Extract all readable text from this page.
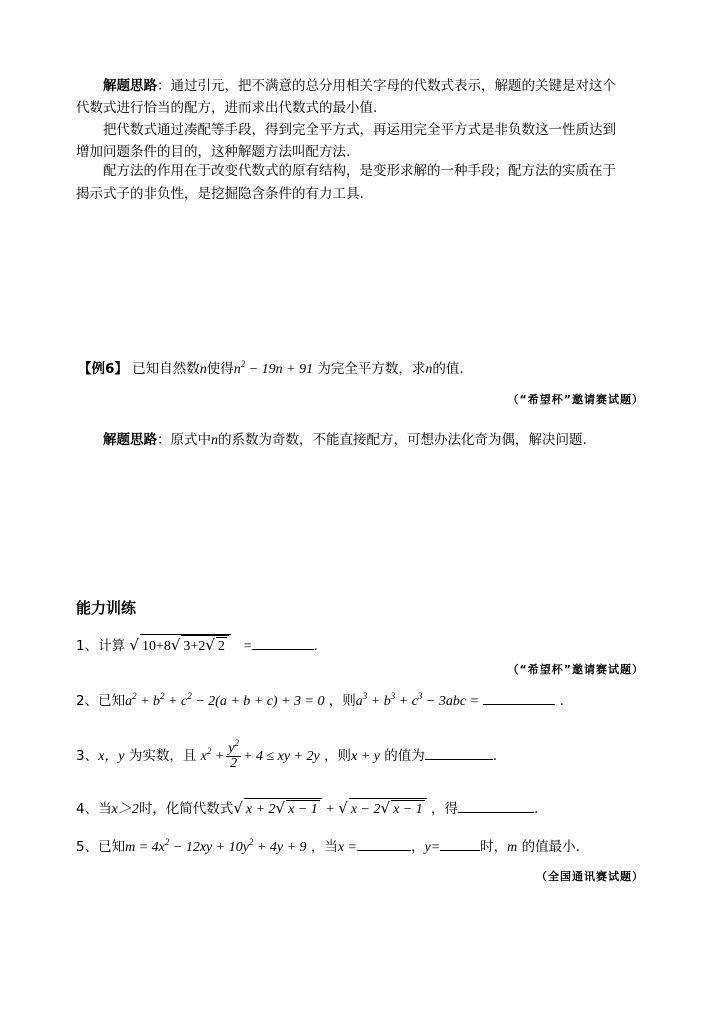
解题思路：通过引元，把不满意的总分用相关字母的代数式表示，解题的关键是对这个
代数式进行恰当的配方，进而求出代数式的最小值.
把代数式通过凑配等手段，得到完全平方式，再运用完全平方式是非负数这一性质达到
增加问题条件的目的，这种解题方法叫配方法.
配方法的作用在于改变代数式的原有结构，是变形求解的一种手段；配方法的实质在于
揭示式子的非负性，是挖掘隐含条件的有力工具.
【例6】 已知自然数n使得$n^2 - 19n + 91$ 为完全平方数，求n的值.
（“希望杯”邀请赛试题）
解题思路：原式中n的系数为奇数，不能直接配方，可想办法化奇为偶，解决问题.
能力训练
1、计算 √ 10+8√ 3+2√ 2 =	.
（“希望杯”邀请赛试题）
2、已知$a^2 + b^2 + c^2 - 2(a + b + c) + 3 = 0$ ，则$a^3 + b^3 + c^3 - 3abc$ =	.
3、x，y 为实数，且 $x^2 + \frac{y^2}{2} + 4$ ≤ xy + 2y ，则x + y 的值为	.
4、当x＞2时，化简代数式√ x + 2√ x − 1 + √ x − 2√ x − 1 ，得	.
5、已知$m = 4x^2 - 12xy + 10y^2 + 4y + 9$ ，当x =	，y=	时，m 的值最小.
（全国通讯赛试题）
